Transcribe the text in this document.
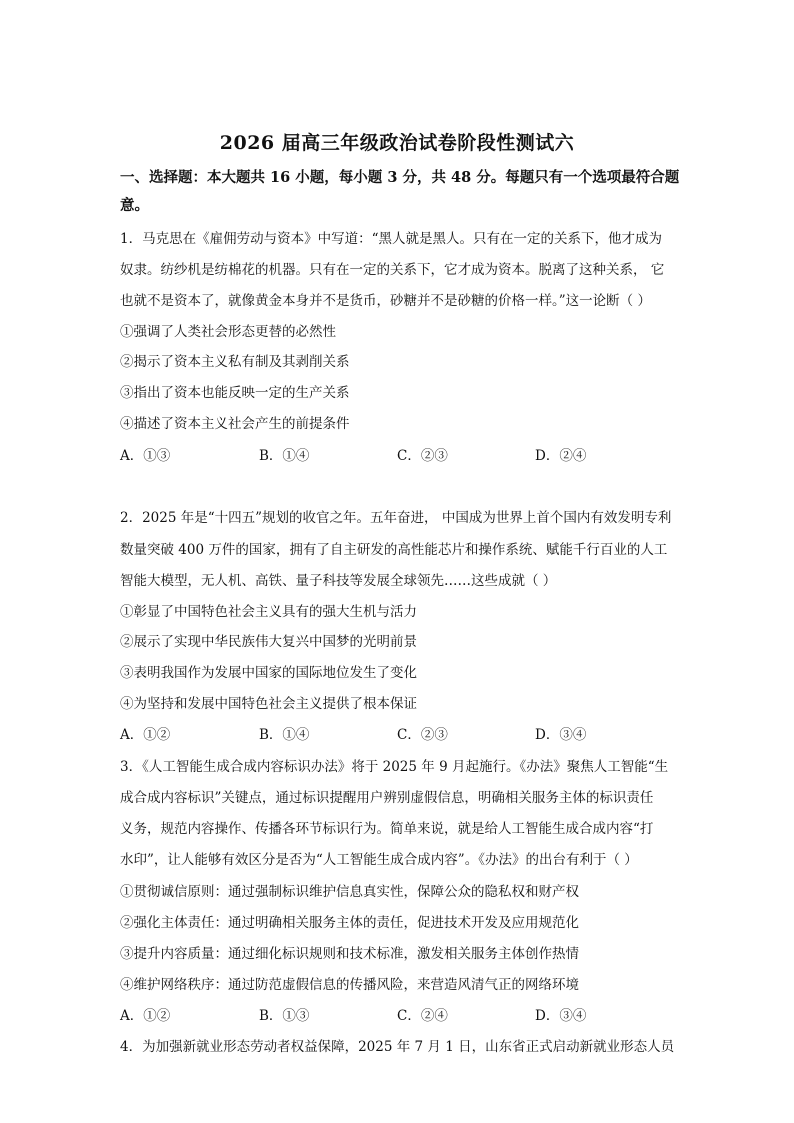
2026 届高三年级政治试卷阶段性测试六
一、选择题：本大题共 16 小题，每小题 3 分，共 48 分。每题只有一个选项最符合题意。
1．马克思在《雇佣劳动与资本》中写道：“黑人就是黑人。只有在一定的关系下，他才成为
奴隶。纺纱机是纺棉花的机器。只有在一定的关系下，它才成为资本。脱离了这种关系， 它
也就不是资本了，就像黄金本身并不是货币，砂糖并不是砂糖的价格一样。”这一论断（ ）
①强调了人类社会形态更替的必然性
②揭示了资本主义私有制及其剥削关系
③指出了资本也能反映一定的生产关系
④描述了资本主义社会产生的前提条件
A．①③	B．①④	C．②③	D．②④
2．2025 年是“十四五”规划的收官之年。五年奋进， 中国成为世界上首个国内有效发明专利
数量突破 400 万件的国家，拥有了自主研发的高性能芯片和操作系统、赋能千行百业的人工
智能大模型，无人机、高铁、量子科技等发展全球领先……这些成就（ ）
①彰显了中国特色社会主义具有的强大生机与活力
②展示了实现中华民族伟大复兴中国梦的光明前景
③表明我国作为发展中国家的国际地位发生了变化
④为坚持和发展中国特色社会主义提供了根本保证
A．①②	B．①④	C．②③	D．③④
3．《人工智能生成合成内容标识办法》将于 2025 年 9 月起施行。《办法》聚焦人工智能“生
成合成内容标识”关键点，通过标识提醒用户辨别虚假信息，明确相关服务主体的标识责任
义务，规范内容操作、传播各环节标识行为。简单来说，就是给人工智能生成合成内容“打
水印”，让人能够有效区分是否为“人工智能生成合成内容”。《办法》的出台有利于（ ）
①贯彻诚信原则：通过强制标识维护信息真实性，保障公众的隐私权和财产权
②强化主体责任：通过明确相关服务主体的责任，促进技术开发及应用规范化
③提升内容质量：通过细化标识规则和技术标准，激发相关服务主体创作热情
④维护网络秩序：通过防范虚假信息的传播风险，来营造风清气正的网络环境
A．①②	B．①③	C．②④	D．③④
4．为加强新就业形态劳动者权益保障，2025 年 7 月 1 日，山东省正式启动新就业形态人员
